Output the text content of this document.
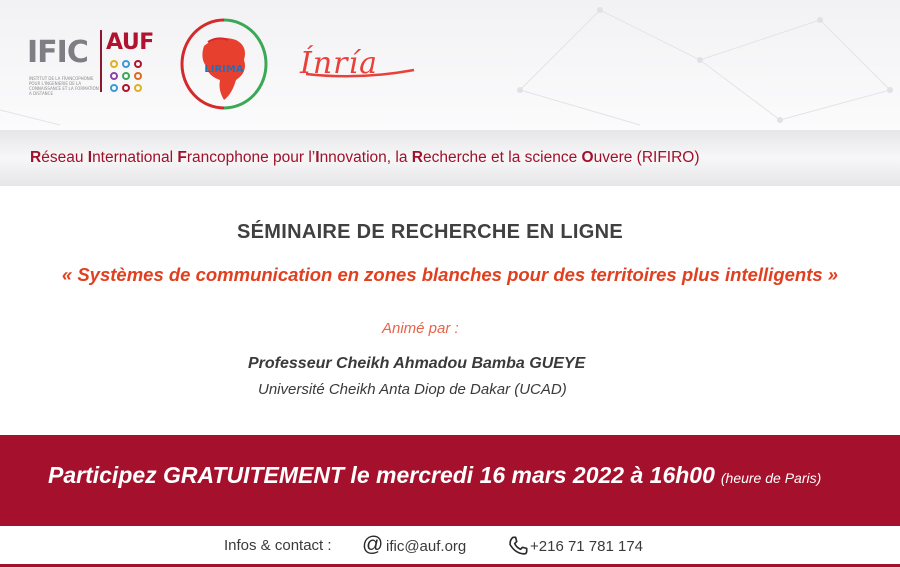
IFIC
INSTITUT DE LA FRANCOPHONIE POUR L'INGENIERIE DE LA CONNAISSANCE ET LA FORMATION A DISTANCE
AUF
LIRIMA	Ínría
Réseau International Francophone pour l’Innovation, la Recherche et la science Ouvere (RIFIRO)
SÉMINAIRE DE RECHERCHE EN LIGNE
« Systèmes de communication en zones blanches pour des territoires plus intelligents »
Animé par :
Professeur Cheikh Ahmadou Bamba GUEYE
Université Cheikh Anta Diop de Dakar (UCAD)
Participez GRATUITEMENT le mercredi 16 mars 2022 à 16h00 (heure de Paris)
Infos & contact : @ ific@auf.org	+216 71 781 174
